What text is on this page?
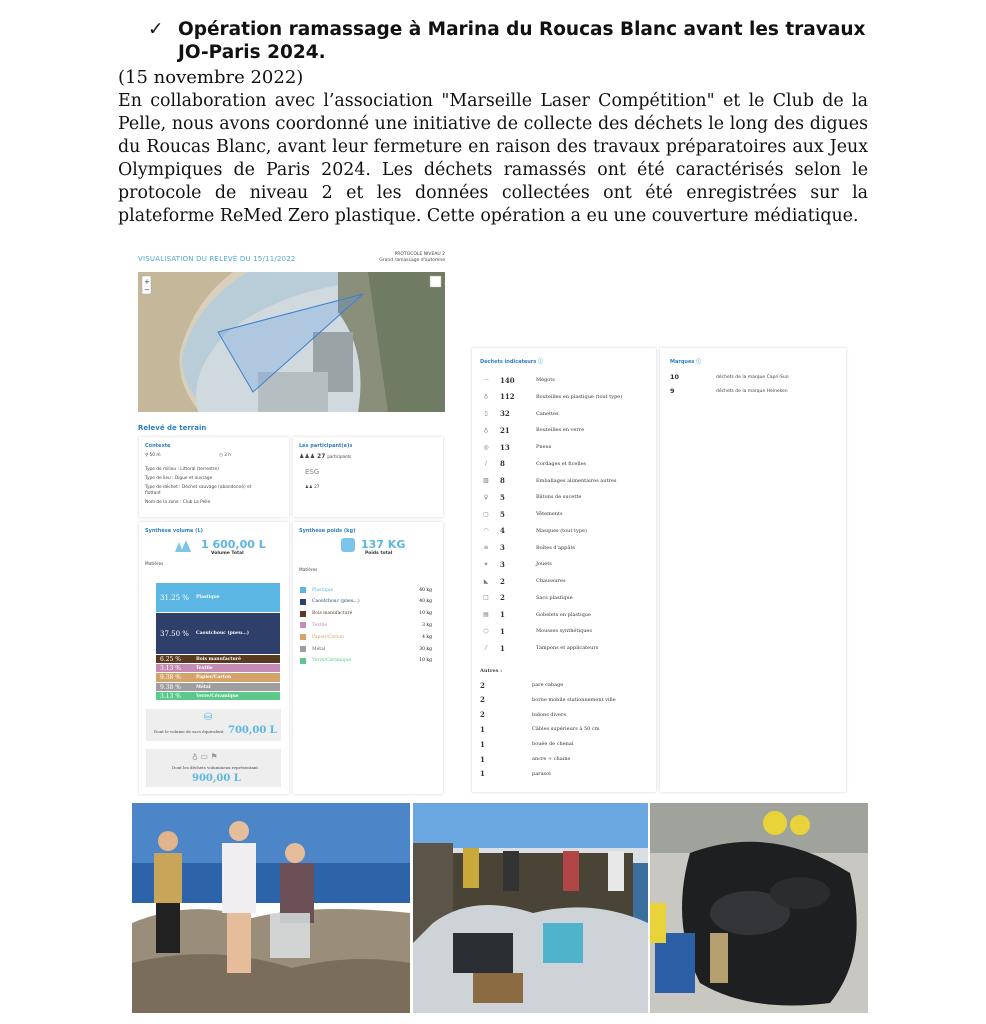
✓ Opération ramassage à Marina du Roucas Blanc avant les travaux JO-Paris 2024.
(15 novembre 2022)
En collaboration avec l’association "Marseille Laser Compétition" et le Club de la Pelle, nous avons coordonné une initiative de collecte des déchets le long des digues du Roucas Blanc, avant leur fermeture en raison des travaux préparatoires aux Jeux Olympiques de Paris 2024. Les déchets ramassés ont été caractérisés selon le protocole de niveau 2 et les données collectées ont été enregistrées sur la plateforme ReMed Zero plastique. Cette opération a eu une couverture médiatique.
VISUALISATION DU RELEVÉ DU 15/11/2022
PROTOCOLE NIVEAU 2
Grand ramassage d'automne
+
−
Relevé de terrain
Contexte
⚲ 50 m	◷ 3 h
Type de milieu : Littoral (terrestre)
Type de lieu : Digue et ouvrage
Type de déchet : Déchet sauvage (abandonné) et flottant
Nom de la zone : Club La Pelle
Les participant(e)s
♟♟♟ 27 participants
ESG
♟♟ 27
Synthèse volume (L)
1 600,00 L
Volume Total
Matières
31.25 %	Plastique
37.50 %	Caoutchouc (pneu...)
6.25 %	Bois manufacturé
3.13 %	Textile
9.38 %	Papier/Carton
9.38 %	Métal
3.13 %	Verre/Céramique
⛁
Dont le volume de sacs équivalent 700,00 L
♁ ▭ ⚑
Dont les déchets volumineux représentant
900,00 L
Synthèse poids (kg)
137 KG
Poids total
Matières
Plastique	40 kg
Caoutchouc (pneu...)	40 kg
Bois manufacturé	10 kg
Textile	3 kg
Papier/Carton	4 kg
Métal	30 kg
Verre/Céramique	10 kg
Déchets indicateurs ⓘ
···	140	Mégots
♁	112	Bouteilles en plastique (tout type)
▯	32	Canettes
♁	21	Bouteilles en verre
◎	13	Pneus
∕	8	Cordages et ficelles
▧	8	Emballages alimentaires autres
♀	5	Bâtons de sucette
▢	5	Vêtements
◠	4	Masques (tout type)
≡	3	Boîtes d'appâts
✶	3	Jouets
◣	2	Chaussures
□	2	Sacs plastique
▤	1	Gobelets en plastique
⬡	1	Mousses synthétiques
⁄	1	Tampons et applicateurs
Autres :
2	pare cabage
2	borne mobile stationnement ville
2	bidons divers
1	Câbles supérieurs à 50 cm
1	bouée de chenal
1	ancre + chaine
1	parasol
Marques ⓘ
10	déchets de la marque Capri-Sun
9	déchets de la marque Heineken
